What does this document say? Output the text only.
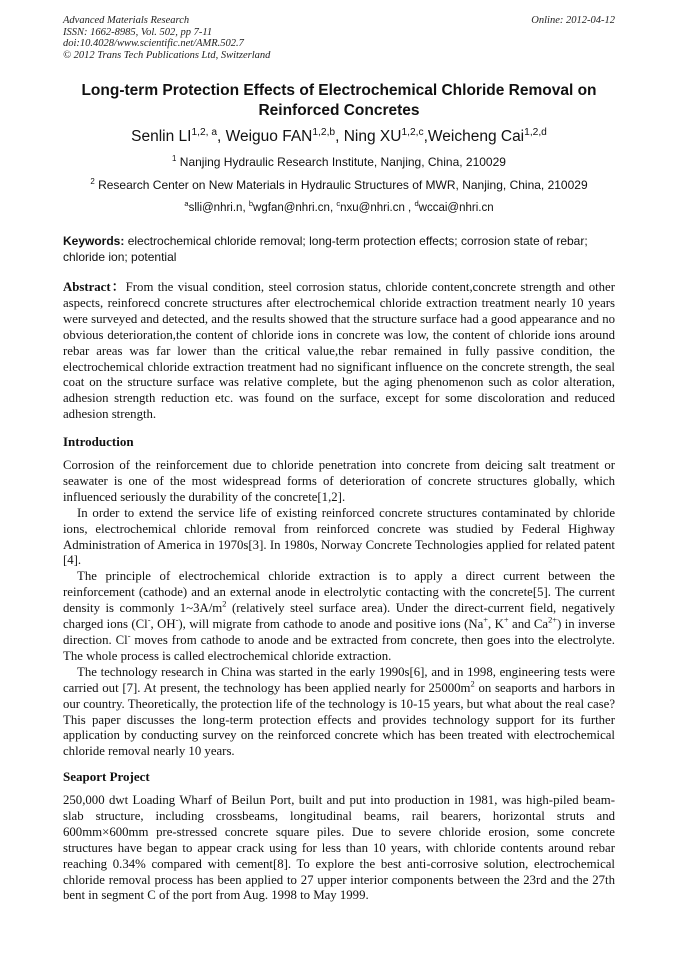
Advanced Materials Research
ISSN: 1662-8985, Vol. 502, pp 7-11
doi:10.4028/www.scientific.net/AMR.502.7
© 2012 Trans Tech Publications Ltd, Switzerland
Online: 2012-04-12
Long-term Protection Effects of Electrochemical Chloride Removal on Reinforced Concretes
Senlin LI$^{1,2, a}$, Weiguo FAN$^{1,2,b}$, Ning XU$^{1,2,c}$,Weicheng Cai$^{1,2,d}$
$^1$ Nanjing Hydraulic Research Institute, Nanjing, China, 210029
$^2$ Research Center on New Materials in Hydraulic Structures of MWR, Nanjing, China, 210029
$^a$slli@nhri.n, $^b$wgfan@nhri.cn, $^c$nxu@nhri.cn , $^d$wccai@nhri.cn
Keywords: electrochemical chloride removal; long-term protection effects; corrosion state of rebar; chloride ion; potential
Abstract：From the visual condition, steel corrosion status, chloride content,concrete strength and other aspects, reinforecd concrete structures after electrochemical chloride extraction treatment nearly 10 years were surveyed and detected, and the results showed that the structure surface had a good appearance and no obvious deterioration,the content of chloride ions in concrete was low, the content of chloride ions around rebar areas was far lower than the critical value,the rebar remained in fully passive condition, the electrochemical chloride extraction treatment had no significant influence on the concrete strength, the seal coat on the structure surface was relative complete, but the aging phenomenon such as color alteration, adhesion strength reduction etc. was found on the surface, except for some discoloration and reduced adhesion strength.
Introduction

Corrosion of the reinforcement due to chloride penetration into concrete from deicing salt treatment or seawater is one of the most widespread forms of deterioration of concrete structures globally, which influenced seriously the durability of the concrete[1,2].

In order to extend the service life of existing reinforced concrete structures contaminated by chloride ions, electrochemical chloride removal from reinforced concrete was studied by Federal Highway Administration of America in 1970s[3]. In 1980s, Norway Concrete Technologies applied for related patent [4].

The principle of electrochemical chloride extraction is to apply a direct current between the reinforcement (cathode) and an external anode in electrolytic contacting with the concrete[5]. The current density is commonly $1\sim 3A/m^2$ (relatively steel surface area). Under the direct-current field, negatively charged ions (Cl-, OH-), will migrate from cathode to anode and positive ions (Na+, K+ and $Ca^{2+}$) in inverse direction. Cl- moves from cathode to anode and be extracted from concrete, then goes into the electrolyte. The whole process is called electrochemical chloride extraction.

The technology research in China was started in the early 1990s[6], and in 1998, engineering tests were carried out [7]. At present, the technology has been applied nearly for $25000m^2$ on seaports and harbors in our country. Theoretically, the protection life of the technology is 10-15 years, but what about the real case? This paper discusses the long-term protection effects and provides technology support for its further application by conducting survey on the reinforced concrete which has been treated with electrochemical chloride removal nearly 10 years.

Seaport Project

250,000 dwt Loading Wharf of Beilun Port, built and put into production in 1981, was high-piled beam-slab structure, including crossbeams, longitudinal beams, rail bearers, horizontal struts and 600mm×600mm pre-stressed concrete square piles. Due to severe chloride erosion, some concrete structures have began to appear crack using for less than 10 years, with chloride contents around rebar reaching 0.34% compared with cement[8]. To explore the best anti-corrosive solution, electrochemical chloride removal process has been applied to 27 upper interior components between the 23rd and the 27th bent in segment C of the port from Aug. 1998 to May 1999.
